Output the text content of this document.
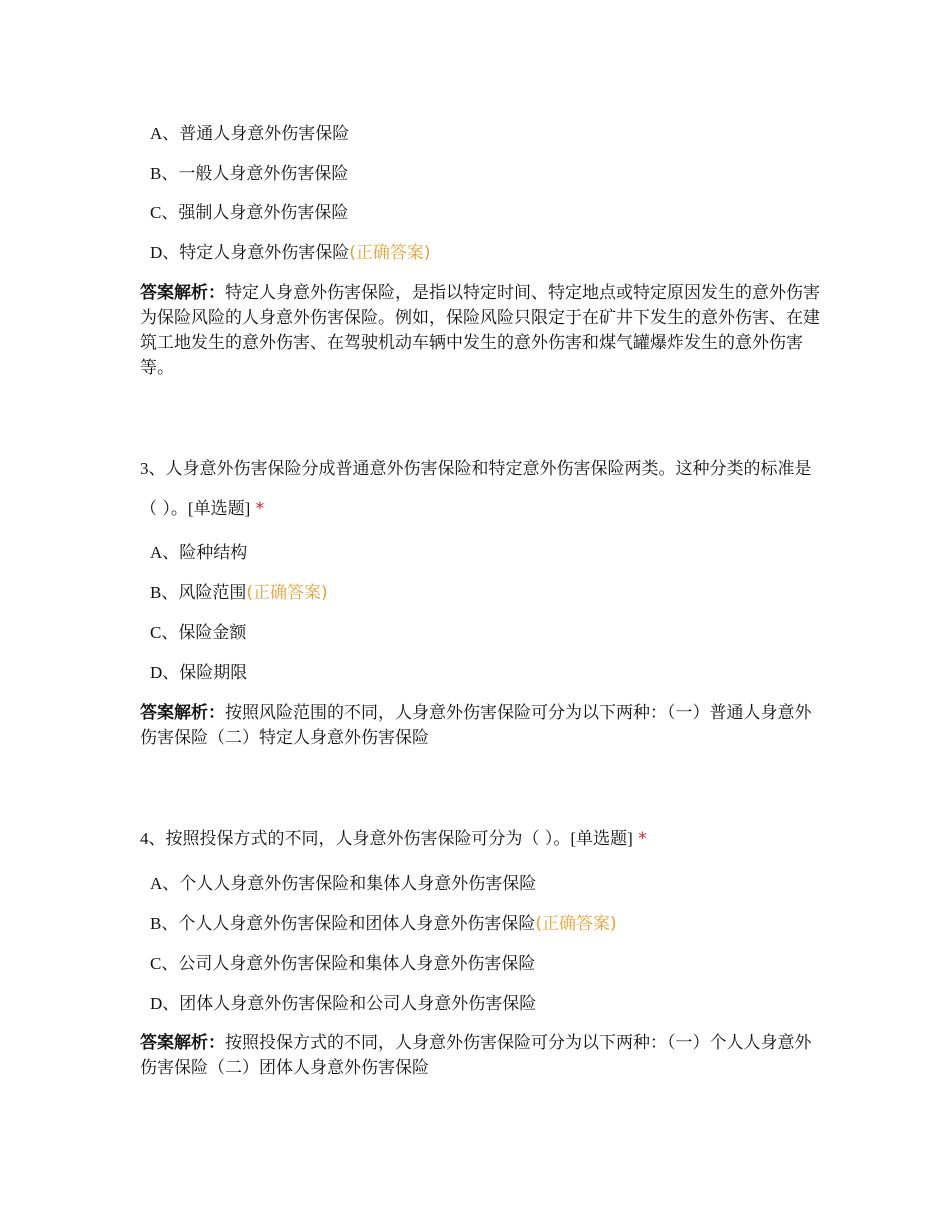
A、普通人身意外伤害保险
B、一般人身意外伤害保险
C、强制人身意外伤害保险
D、特定人身意外伤害保险(正确答案)
答案解析：特定人身意外伤害保险，是指以特定时间、特定地点或特定原因发生的意外伤害为保险风险的人身意外伤害保险。例如，保险风险只限定于在矿井下发生的意外伤害、在建筑工地发生的意外伤害、在驾驶机动车辆中发生的意外伤害和煤气罐爆炸发生的意外伤害等。
3、人身意外伤害保险分成普通意外伤害保险和特定意外伤害保险两类。这种分类的标准是（ ）。[单选题] *
A、险种结构
B、风险范围(正确答案)
C、保险金额
D、保险期限
答案解析：按照风险范围的不同，人身意外伤害保险可分为以下两种：（一）普通人身意外伤害保险（二）特定人身意外伤害保险
4、按照投保方式的不同，人身意外伤害保险可分为（ ）。[单选题] *
A、个人人身意外伤害保险和集体人身意外伤害保险
B、个人人身意外伤害保险和团体人身意外伤害保险(正确答案)
C、公司人身意外伤害保险和集体人身意外伤害保险
D、团体人身意外伤害保险和公司人身意外伤害保险
答案解析：按照投保方式的不同，人身意外伤害保险可分为以下两种：（一）个人人身意外伤害保险（二）团体人身意外伤害保险
